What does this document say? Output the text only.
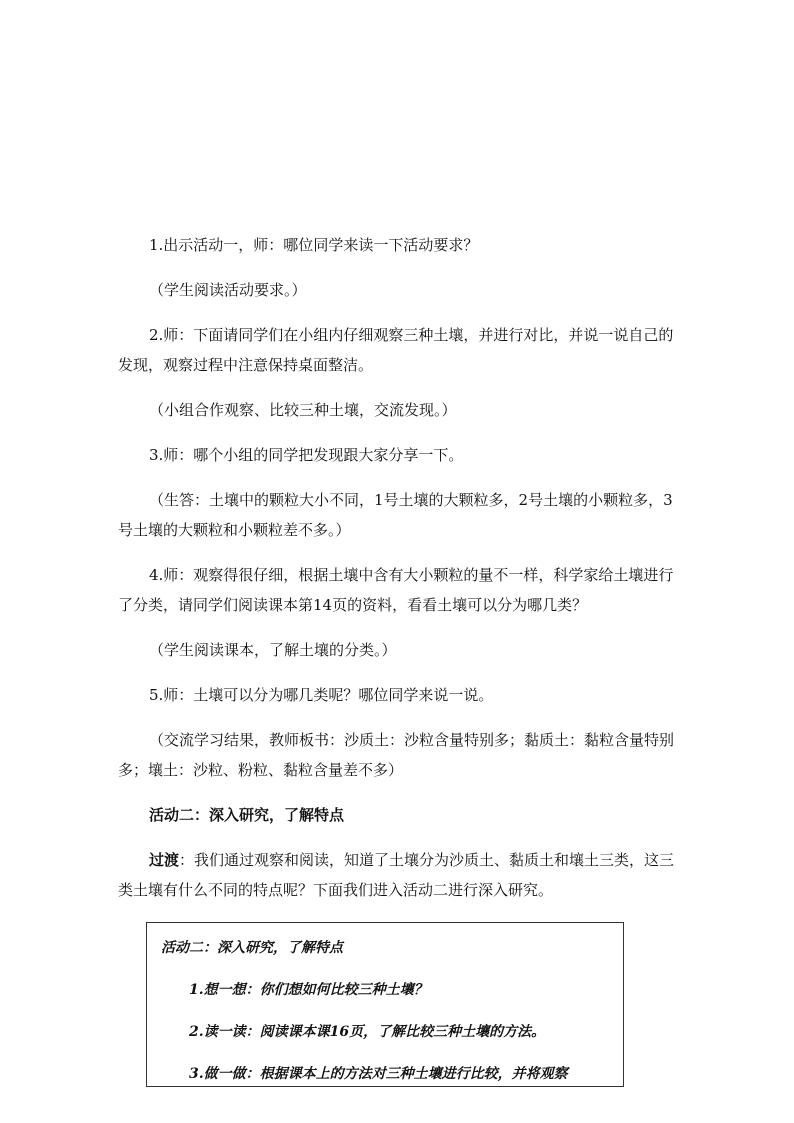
1.出示活动一，师：哪位同学来读一下活动要求？

（学生阅读活动要求。）

2.师：下面请同学们在小组内仔细观察三种土壤，并进行对比，并说一说自己的发现，观察过程中注意保持桌面整洁。

（小组合作观察、比较三种土壤，交流发现。）

3.师：哪个小组的同学把发现跟大家分享一下。

（生答：土壤中的颗粒大小不同，1号土壤的大颗粒多，2号土壤的小颗粒多，3号土壤的大颗粒和小颗粒差不多。）

4.师：观察得很仔细，根据土壤中含有大小颗粒的量不一样，科学家给土壤进行了分类，请同学们阅读课本第14页的资料，看看土壤可以分为哪几类？

（学生阅读课本，了解土壤的分类。）

5.师：土壤可以分为哪几类呢？哪位同学来说一说。

（交流学习结果，教师板书：沙质土：沙粒含量特别多；黏质土：黏粒含量特别多；壤土：沙粒、粉粒、黏粒含量差不多）

活动二：深入研究，了解特点

过渡：我们通过观察和阅读，知道了土壤分为沙质土、黏质土和壤土三类，这三类土壤有什么不同的特点呢？下面我们进入活动二进行深入研究。

活动二：深入研究，了解特点
1.想一想：你们想如何比较三种土壤？
2.读一读：阅读课本课16页，了解比较三种土壤的方法。
3.做一做：根据课本上的方法对三种土壤进行比较，并将观察
